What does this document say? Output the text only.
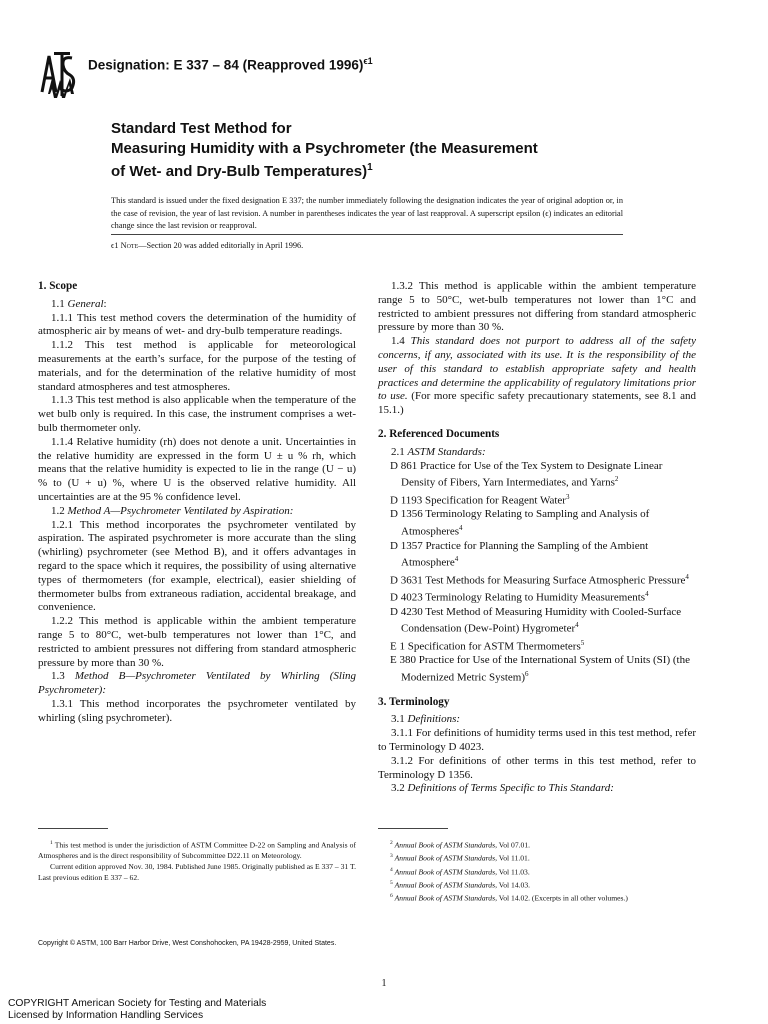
Designation: E 337 – 84 (Reapproved 1996)$^{\epsilon 1}$
Standard Test Method for
Measuring Humidity with a Psychrometer (the Measurement
of Wet- and Dry-Bulb Temperatures)$^1$
This standard is issued under the fixed designation E 337; the number immediately following the designation indicates the year of original adoption or, in the case of revision, the year of last revision. A number in parentheses indicates the year of last reapproval. A superscript epsilon (ϵ) indicates an editorial change since the last revision or reapproval.
ϵ1 Note—Section 20 was added editorially in April 1996.
1. Scope

1.1 General:

1.1.1 This test method covers the determination of the humidity of atmospheric air by means of wet- and dry-bulb temperature readings.

1.1.2 This test method is applicable for meteorological measurements at the earth’s surface, for the purpose of the testing of materials, and for the determination of the relative humidity of most standard atmospheres and test atmospheres.

1.1.3 This test method is also applicable when the temperature of the wet bulb only is required. In this case, the instrument comprises a wet-bulb thermometer only.

1.1.4 Relative humidity (rh) does not denote a unit. Uncertainties in the relative humidity are expressed in the form U ± u % rh, which means that the relative humidity is expected to lie in the range (U − u) % to (U + u) %, where U is the observed relative humidity. All uncertainties are at the 95 % confidence level.

1.2 Method A—Psychrometer Ventilated by Aspiration:

1.2.1 This method incorporates the psychrometer ventilated by aspiration. The aspirated psychrometer is more accurate than the sling (whirling) psychrometer (see Method B), and it offers advantages in regard to the space which it requires, the possibility of using alternative types of thermometers (for example, electrical), easier shielding of thermometer bulbs from extraneous radiation, accidental breakage, and convenience.

1.2.2 This method is applicable within the ambient temperature range 5 to 80°C, wet-bulb temperatures not lower than 1°C, and restricted to ambient pressures not differing from standard atmospheric pressure by more than 30 %.

1.3 Method B—Psychrometer Ventilated by Whirling (Sling Psychrometer):

1.3.1 This method incorporates the psychrometer ventilated by whirling (sling psychrometer).

1.3.2 This method is applicable within the ambient temperature range 5 to 50°C, wet-bulb temperatures not lower than 1°C and restricted to ambient pressures not differing from standard atmospheric pressure by more than 30 %.

1.4 This standard does not purport to address all of the safety concerns, if any, associated with its use. It is the responsibility of the user of this standard to establish appropriate safety and health practices and determine the applicability of regulatory limitations prior to use. (For more specific safety precautionary statements, see 8.1 and 15.1.)

2. Referenced Documents

2.1 ASTM Standards:

D 861 Practice for Use of the Tex System to Designate Linear Density of Fibers, Yarn Intermediates, and Yarns$^2$

D 1193 Specification for Reagent Water$^3$

D 1356 Terminology Relating to Sampling and Analysis of Atmospheres$^4$

D 1357 Practice for Planning the Sampling of the Ambient Atmosphere$^4$

D 3631 Test Methods for Measuring Surface Atmospheric Pressure$^4$

D 4023 Terminology Relating to Humidity Measurements$^4$

D 4230 Test Method of Measuring Humidity with Cooled-Surface Condensation (Dew-Point) Hygrometer$^4$

E 1 Specification for ASTM Thermometers$^5$

E 380 Practice for Use of the International System of Units (SI) (the Modernized Metric System)$^6$

3. Terminology

3.1 Definitions:

3.1.1 For definitions of humidity terms used in this test method, refer to Terminology D 4023.

3.1.2 For definitions of other terms in this test method, refer to Terminology D 1356.

3.2 Definitions of Terms Specific to This Standard:

$^1$ This test method is under the jurisdiction of ASTM Committee D-22 on Sampling and Analysis of Atmospheres and is the direct responsibility of Subcommittee D22.11 on Meteorology.

Current edition approved Nov. 30, 1984. Published June 1985. Originally published as E 337 – 31 T. Last previous edition E 337 – 62.

$^2$ Annual Book of ASTM Standards, Vol 07.01.

$^3$ Annual Book of ASTM Standards, Vol 11.01.

$^4$ Annual Book of ASTM Standards, Vol 11.03.

$^5$ Annual Book of ASTM Standards, Vol 14.03.

$^6$ Annual Book of ASTM Standards, Vol 14.02. (Excerpts in all other volumes.)

Copyright © ASTM, 100 Barr Harbor Drive, West Conshohocken, PA 19428-2959, United States.
1
COPYRIGHT American Society for Testing and Materials
Licensed by Information Handling Services
